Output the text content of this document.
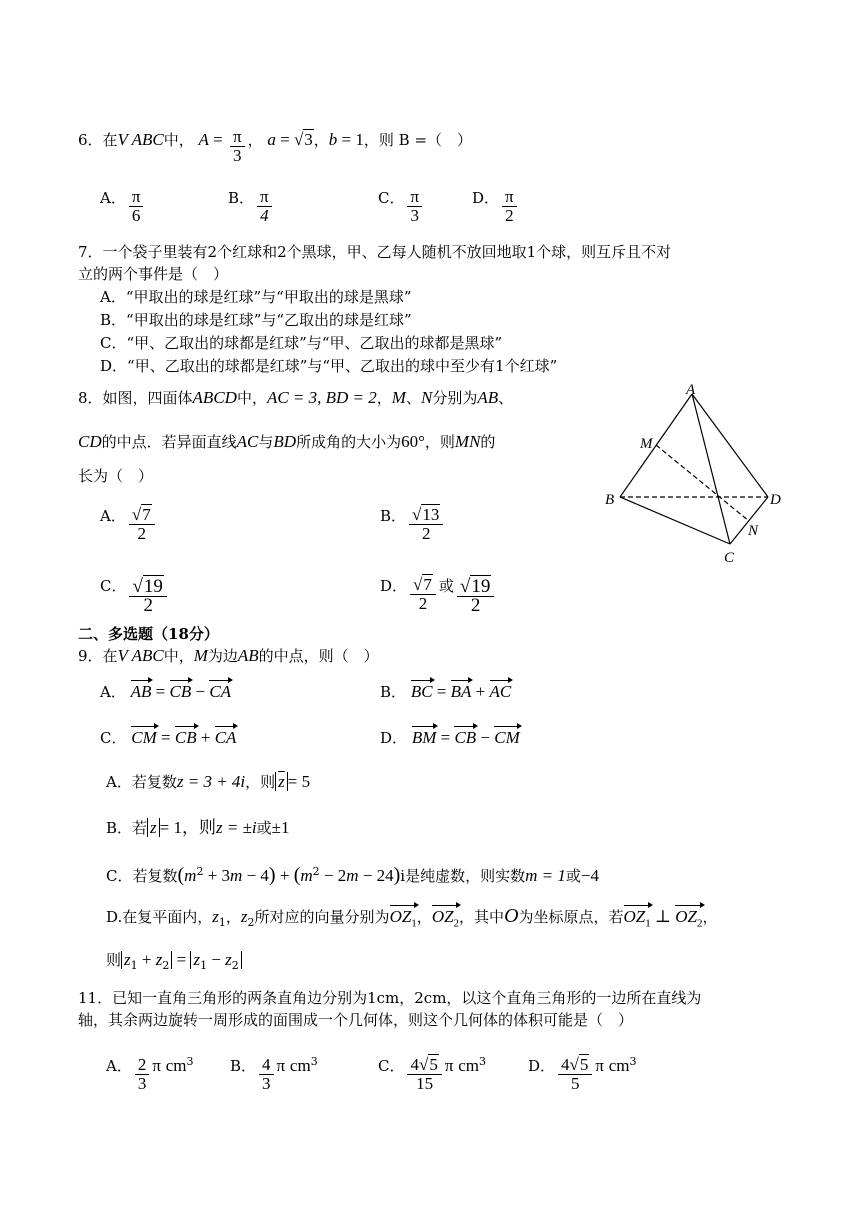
6．在V ABC中， $A = \frac{\pi}{3}$ ， a = √3，b = 1，则 B =（　）
A． $\frac{\pi}{6}$	B． $\frac{\pi}{4}$	C． $\frac{\pi}{3}$	D． $\frac{\pi}{2}$
7．一个袋子里装有2个红球和2个黑球，甲、乙每人随机不放回地取1个球，则互斥且不对
立的两个事件是（　）
A．“甲取出的球是红球”与“甲取出的球是黑球”
B．“甲取出的球是红球”与“乙取出的球是红球”
C．“甲、乙取出的球都是红球”与“甲、乙取出的球都是黑球”
D．“甲、乙取出的球都是红球”与“甲、乙取出的球中至少有1个红球”
8．如图，四面体ABCD中，AC = 3, BD = 2，M、N分别为AB、
CD的中点．若异面直线AC与BD所成角的大小为60°，则MN的
长为（　）
A． $\frac{√7}{2}$	B． $\frac{√13}{2}$
C． $\frac{√19}{2}$	D． $\frac{√7}{2}$ 或 $\frac{√19}{2}$
A
M
B	D
N
C
二、多选题（18分）
9．在V ABC中，M为边AB的中点，则（　）
A． AB = CB − CA	B． BC = BA + AC
C． CM = CB + CA	D． BM = CB − CM
A．若复数z = 3 + 4i，则 $\overline{z} = 5$
B．若 z = 1，则z = ±i或±1
C．若复数$(m^2 + 3m - 4) + (m^2 - 2m - 24)i$是纯虚数，则实数m = 1或−4
D.在复平面内，$z_1$，$z_2$所对应的向量分别为$OZ_1$，$OZ_2$，其中O为坐标原点，若$OZ_1$ ⊥ $OZ_2$，
则 $z_1 + z_2 = z_1 - z_2$
11．已知一直角三角形的两条直角边分别为1cm，2cm，以这个直角三角形的一边所在直线为
轴，其余两边旋转一周形成的面围成一个几何体，则这个几何体的体积可能是（　）
A． $\frac{2}{3}$ π $cm^3$ B． $\frac{4}{3}$ π $cm^3$	C． $\frac{4√5}{15}$ π $cm^3$	D． $\frac{4√5}{5}$ π $cm^3$
